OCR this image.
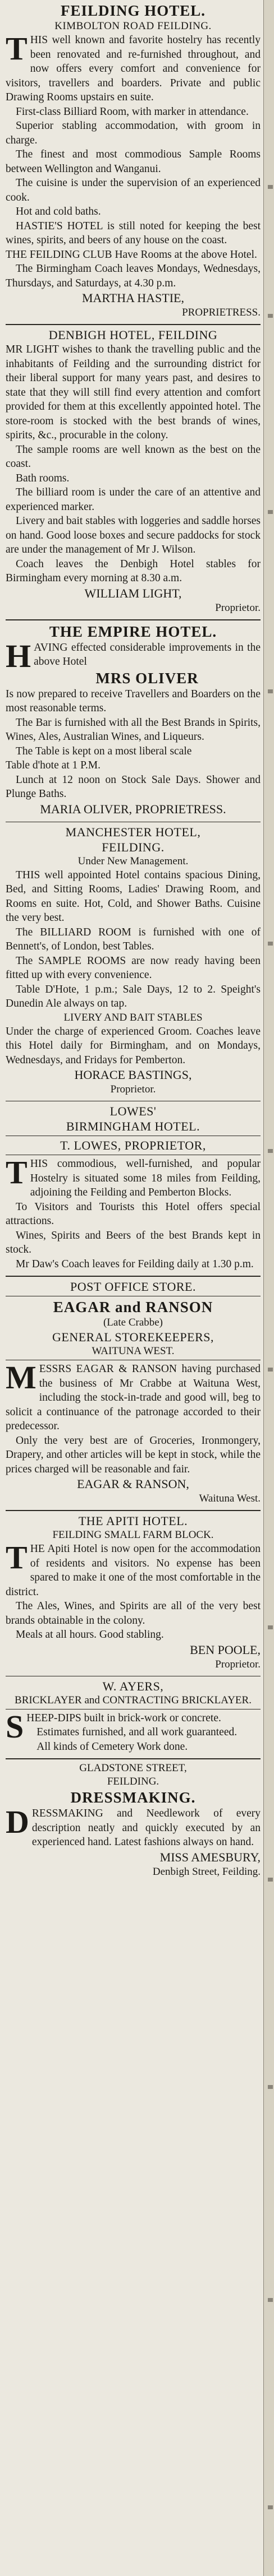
FEILDING HOTEL.
KIMBOLTON ROAD FEILDING.

THIS well known and favorite hostelry has recently been renovated and re-furnished throughout, and now offers every comfort and convenience for visitors, travellers and boarders. Private and public Drawing Rooms upstairs en suite.

First-class Billiard Room, with marker in attendance.

Superior stabling accommodation, with groom in charge.

The finest and most commodious Sample Rooms between Wellington and Wanganui.

The cuisine is under the supervision of an experienced cook.

Hot and cold baths.

HASTIE'S HOTEL is still noted for keeping the best wines, spirits, and beers of any house on the coast.

THE FEILDING CLUB Have Rooms at the above Hotel.

The Birmingham Coach leaves Mondays, Wednesdays, Thursdays, and Saturdays, at 4.30 p.m.

MARTHA HASTIE,
PROPRIETRESS.
DENBIGH HOTEL, FEILDING

MR LIGHT wishes to thank the travelling public and the inhabitants of Feilding and the surrounding district for their liberal support for many years past, and desires to state that they will still find every attention and comfort provided for them at this excellently appointed hotel. The store-room is stocked with the best brands of wines, spirits, &c., procurable in the colony.

The sample rooms are well known as the best on the coast.

Bath rooms.

The billiard room is under the care of an attentive and experienced marker.

Livery and bait stables with loggeries and saddle horses on hand. Good loose boxes and secure paddocks for stock are under the management of Mr J. Wilson.

Coach leaves the Denbigh Hotel stables for Birmingham every morning at 8.30 a.m.

WILLIAM LIGHT,
Proprietor.
THE EMPIRE HOTEL.

HAVING effected considerable improvements in the above Hotel

MRS OLIVER

Is now prepared to receive Travellers and Boarders on the most reasonable terms.

The Bar is furnished with all the Best Brands in Spirits, Wines, Ales, Australian Wines, and Liqueurs.

The Table is kept on a most liberal scale

Table d'hote at 1 P.M.

Lunch at 12 noon on Stock Sale Days. Shower and Plunge Baths.

MARIA OLIVER, PROPRIETRESS.
MANCHESTER HOTEL,
FEILDING.
Under New Management.

THIS well appointed Hotel contains spacious Dining, Bed, and Sitting Rooms, Ladies' Drawing Room, and Rooms en suite. Hot, Cold, and Shower Baths. Cuisine the very best.

The BILLIARD ROOM is furnished with one of Bennett's, of London, best Tables.

The SAMPLE ROOMS are now ready having been fitted up with every convenience.

Table D'Hote, 1 p.m.; Sale Days, 12 to 2. Speight's Dunedin Ale always on tap.

LIVERY AND BAIT STABLES

Under the charge of experienced Groom. Coaches leave this Hotel daily for Birmingham, and on Mondays, Wednesdays, and Fridays for Pemberton.

HORACE BASTINGS,
Proprietor.
LOWES'
BIRMINGHAM HOTEL.
T. LOWES, PROPRIETOR,

THIS commodious, well-furnished, and popular Hostelry is situated some 18 miles from Feilding, adjoining the Feilding and Pemberton Blocks.

To Visitors and Tourists this Hotel offers special attractions.

Wines, Spirits and Beers of the best Brands kept in stock.

Mr Daw's Coach leaves for Feilding daily at 1.30 p.m.

POST OFFICE STORE.
EAGAR and RANSON
(Late Crabbe)
GENERAL STOREKEEPERS,
WAITUNA WEST.

MESSRS EAGAR & RANSON having purchased the business of Mr Crabbe at Waituna West, including the stock-in-trade and good will, beg to solicit a continuance of the patronage accorded to their predecessor.

Only the very best are of Groceries, Ironmongery, Drapery, and other articles will be kept in stock, while the prices charged will be reasonable and fair.

EAGAR & RANSON,
Waituna West.
THE APITI HOTEL.
FEILDING SMALL FARM BLOCK.

THE Apiti Hotel is now open for the accommodation of residents and visitors. No expense has been spared to make it one of the most comfortable in the district.

The Ales, Wines, and Spirits are all of the very best brands obtainable in the colony.

Meals at all hours. Good stabling.

BEN POOLE,
Proprietor.
W. AYERS,
BRICKLAYER and CONTRACTING BRICKLAYER.

SHEEP-DIPS built in brick-work or concrete.

Estimates furnished, and all work guaranteed.

All kinds of Cemetery Work done.

GLADSTONE STREET,
FEILDING.
DRESSMAKING.

DRESSMAKING and Needlework of every description neatly and quickly executed by an experienced hand. Latest fashions always on hand.

MISS AMESBURY,
Denbigh Street, Feilding.
